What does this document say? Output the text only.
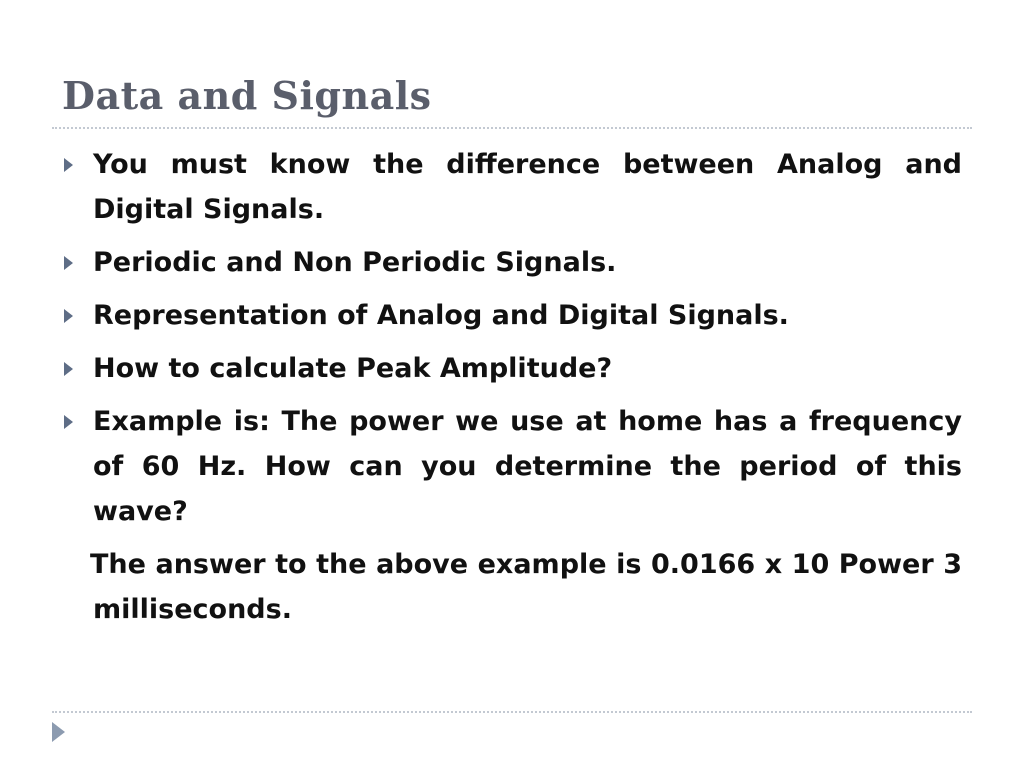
Data and Signals
You must know the difference between Analog and Digital Signals.
Periodic and Non Periodic Signals.
Representation of Analog and Digital Signals.
How to calculate Peak Amplitude?
Example is: The power we use at home has a frequency of 60 Hz. How can you determine the period of this wave?
The answer to the above example is 0.0166 x 10 Power 3 milliseconds.
